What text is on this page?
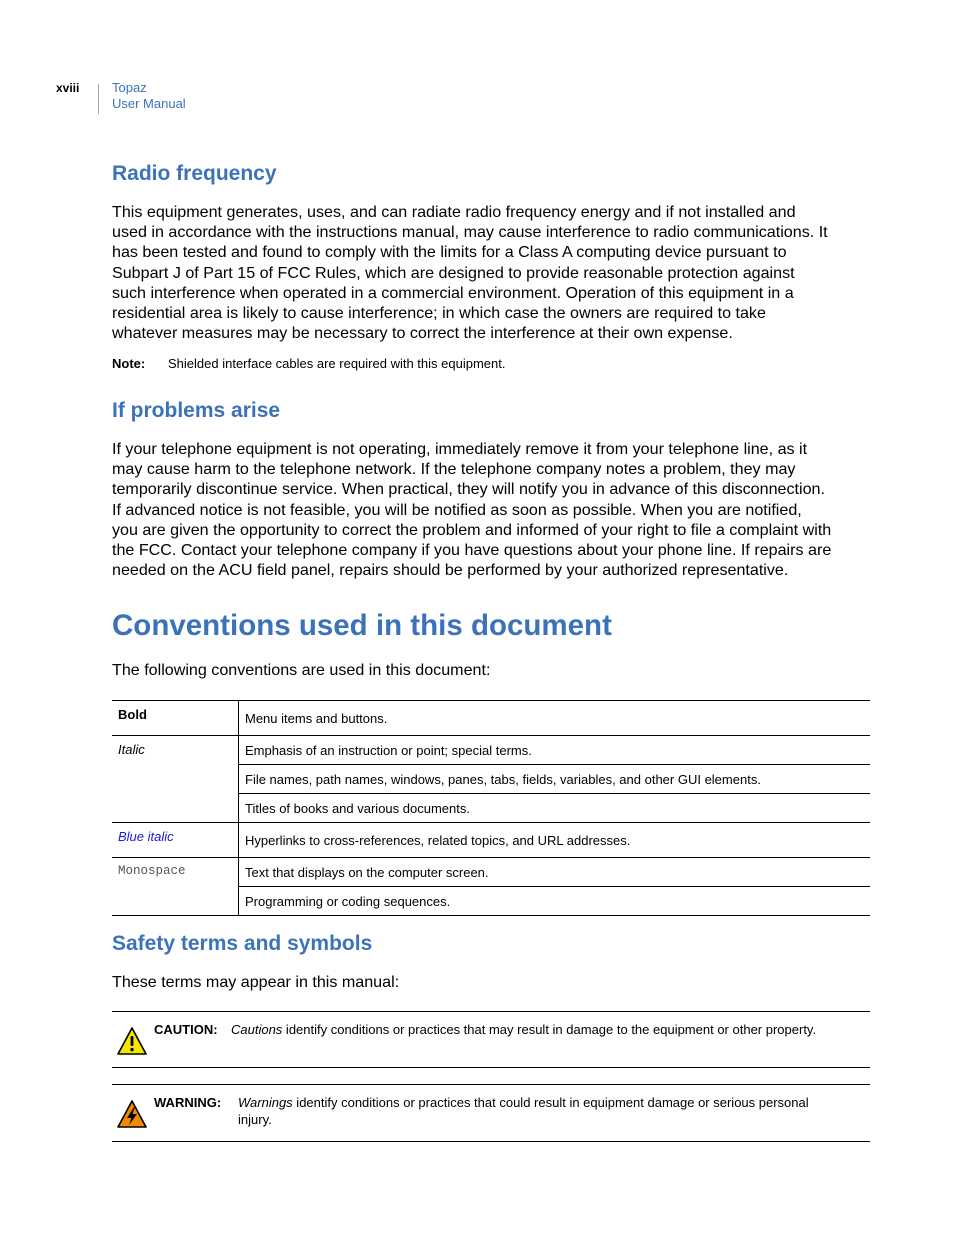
xviii	Topaz
User Manual
Radio frequency

This equipment generates, uses, and can radiate radio frequency energy and if not installed and
used in accordance with the instructions manual, may cause interference to radio communications. It
has been tested and found to comply with the limits for a Class A computing device pursuant to
Subpart J of Part 15 of FCC Rules, which are designed to provide reasonable protection against
such interference when operated in a commercial environment. Operation of this equipment in a
residential area is likely to cause interference; in which case the owners are required to take
whatever measures may be necessary to correct the interference at their own expense.

Note: Shielded interface cables are required with this equipment.
If problems arise

If your telephone equipment is not operating, immediately remove it from your telephone line, as it
may cause harm to the telephone network. If the telephone company notes a problem, they may
temporarily discontinue service. When practical, they will notify you in advance of this disconnection.
If advanced notice is not feasible, you will be notified as soon as possible. When you are notified,
you are given the opportunity to correct the problem and informed of your right to file a complaint with
the FCC. Contact your telephone company if you have questions about your phone line. If repairs are
needed on the ACU field panel, repairs should be performed by your authorized representative.

Conventions used in this document

The following conventions are used in this document:

Bold	Menu items and buttons.
Italic	Emphasis of an instruction or point; special terms.
	File names, path names, windows, panes, tabs, fields, variables, and other GUI elements.
	Titles of books and various documents.
Blue italic	Hyperlinks to cross-references, related topics, and URL addresses.
Monospace	Text that displays on the computer screen.
	Programming or coding sequences.
Safety terms and symbols

These terms may appear in this manual:

CAUTION: Cautions identify conditions or practices that may result in damage to the equipment or other property.
WARNING: Warnings identify conditions or practices that could result in equipment damage or serious personal
injury.
